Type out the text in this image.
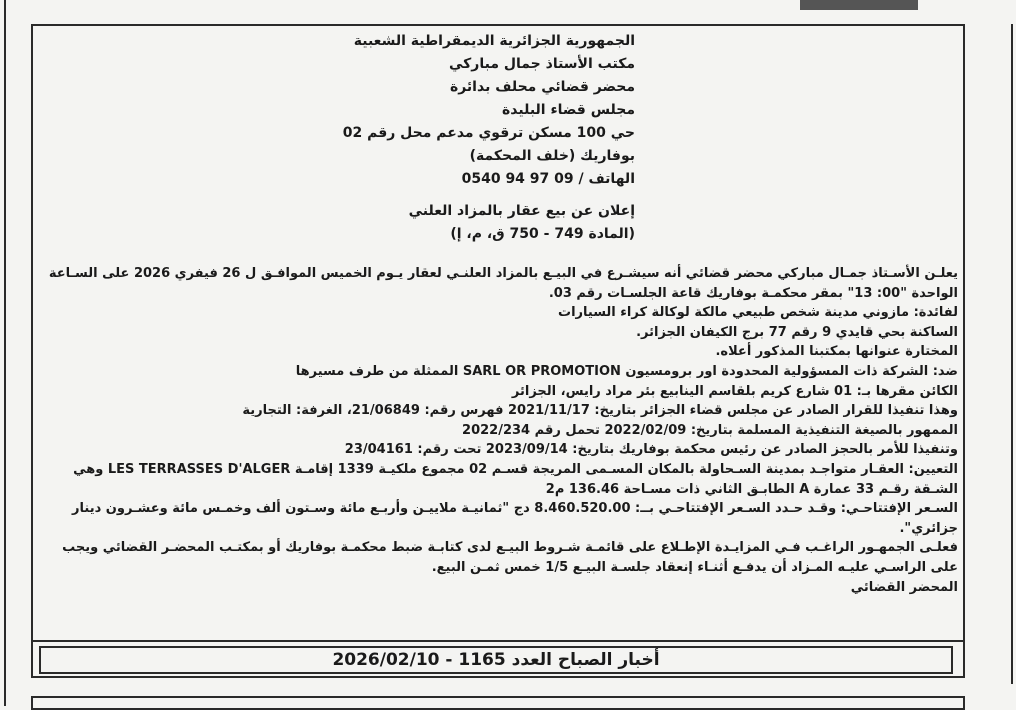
الجمهورية الجزائرية الديمقراطية الشعبية
مكتب الأستاذ جمال مباركي
محضر قضائي محلف بدائرة
مجلس قضاء البليدة
حي 100 مسكن ترقوي مدعم محل رقم 02
بوفاريك (خلف المحكمة)
الهاتف / 09 97 94 0540
إعلان عن بيع عقار بالمزاد العلني
(المادة 749 - 750 ق، م، إ)
يعلـن الأسـتاذ جمـال مباركي محضر قضائي أنه سيشـرع في البيـع بالمزاد العلنـي لعقار يـوم الخميس الموافـق ل 26 فيفري 2026 على السـاعة
الواحدة "00: 13" بمقر محكمـة بوفاريك قاعة الجلسـات رقم 03.
لفائدة: مازوني مدينة شخص طبيعي مالكة لوكالة كراء السيارات
الساكنة بحي قايدي 9 رقم 77 برج الكيفان الجزائر.
المختارة عنوانها بمكتبنا المذكور أعلاه.
ضد: الشركة ذات المسؤولية المحدودة اور برومسيون SARL OR PROMOTION الممثلة من طرف مسيرها
الكائن مقرها بـ: 01 شارع كريم بلقاسم الينابيع بئر مراد رايس، الجزائر
وهذا تنفيذا للقرار الصادر عن مجلس قضاء الجزائر بتاريخ: 2021/11/17 فهرس رقم: 21/06849، الغرفة: التجارية
الممهور بالصيغة التنفيذية المسلمة بتاريخ: 2022/02/09 تحمل رقم 2022/234
وتنفيذا للأمر بالحجز الصادر عن رئيس محكمة بوفاريك بتاريخ: 2023/09/14 تحت رقم: 23/04161
التعيين: العقـار متواجـد بمدينة السـحاولة بالمكان المسـمى المريجة قسـم 02 مجموع ملكيـة 1339 إقامـة LES TERRASSES D'ALGER وهي
الشـقة رقـم 33 عمارة A الطابـق الثاني ذات مسـاحة 136.46 م2
السـعر الإفتتاحـي: وقـد حـدد السـعر الإفتتاحـي بــ: 8.460.520.00 دج "ثمانيـة ملاييـن وأربـع مائة وسـتون ألف وخمـس مائة وعشـرون دينار
جزائري".
فعلـى الجمهـور الراغـب فـي المزايـدة الإطـلاع على قائمـة شـروط البيـع لدى كتابـة ضبط محكمـة بوفاريك أو بمكتـب المحضـر القضائي ويجب
على الراسـي عليـه المـزاد أن يدفـع أثنـاء إنعقاد جلسـة البيـع 1/5 خمس ثمـن البيع.
المحضر القضائي
أخبار الصباح العدد 1165 - 2026/02/10
